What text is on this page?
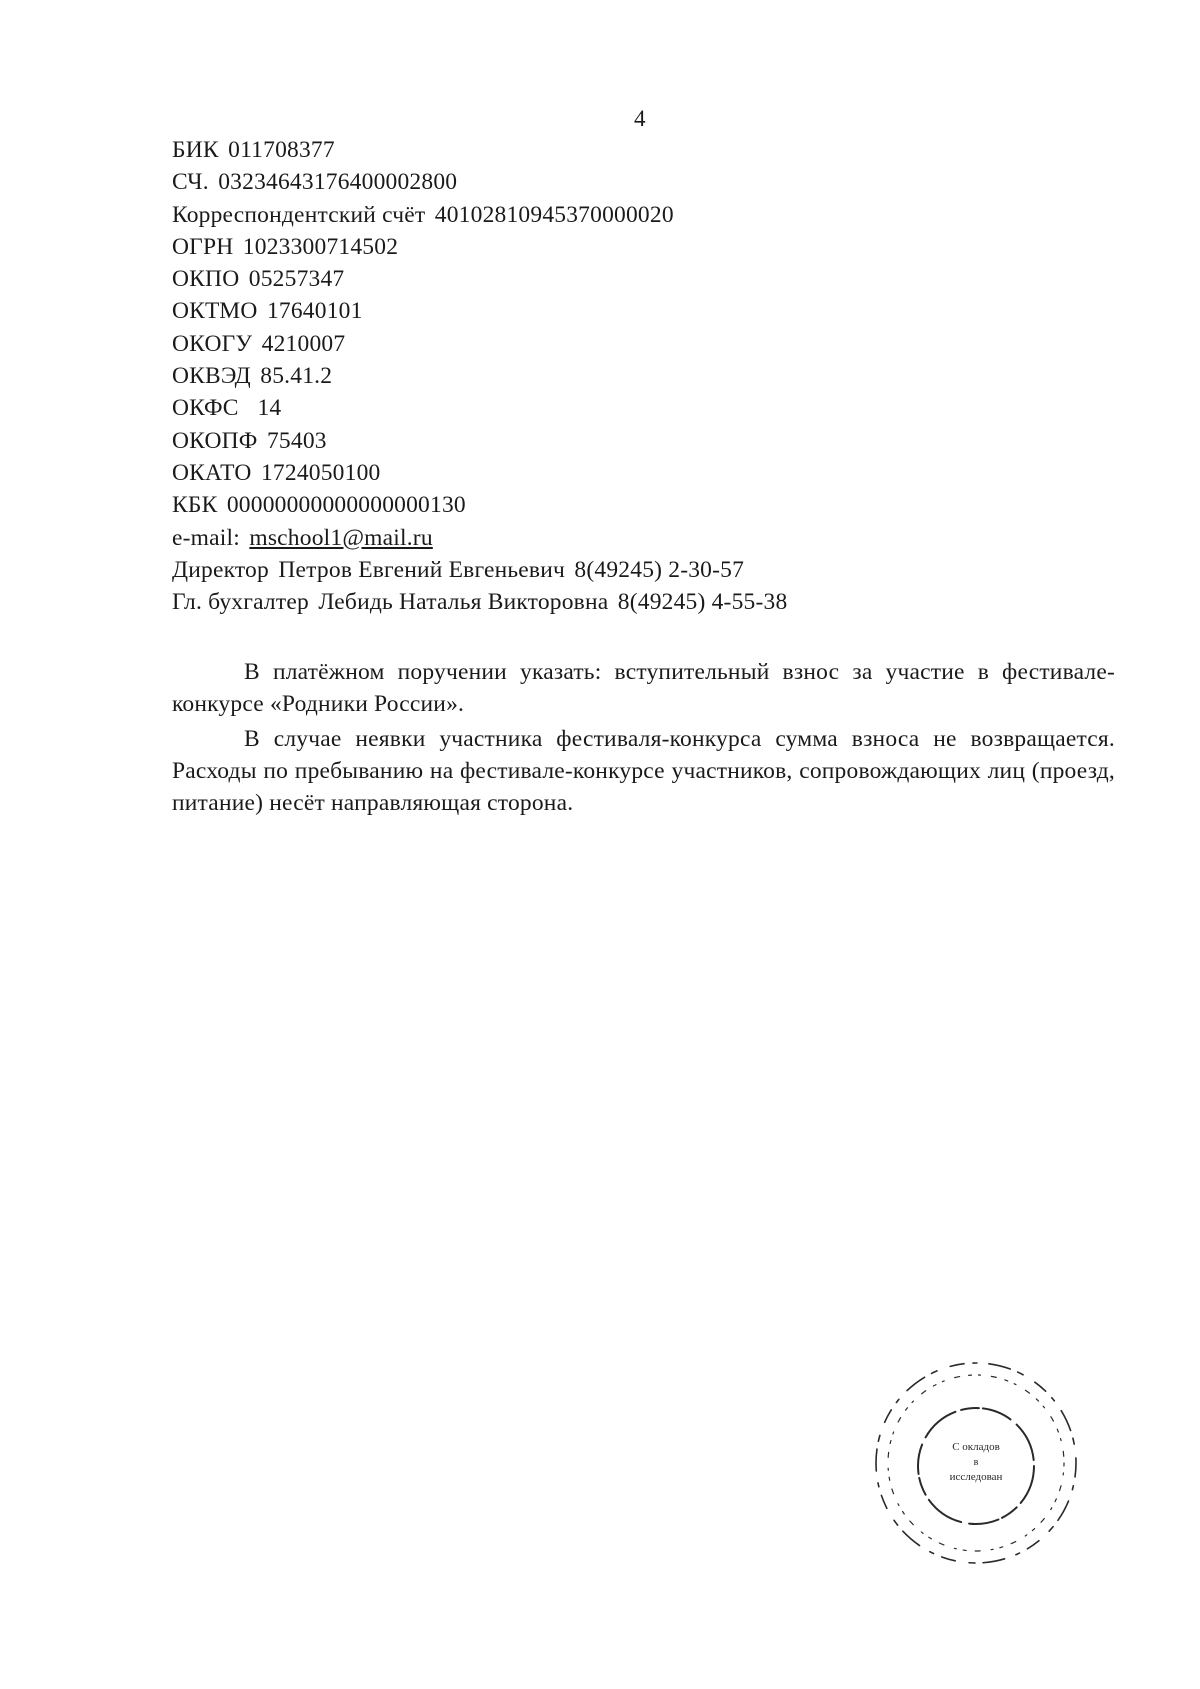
4
БИК 011708377
СЧ. 03234643176400002800
Корреспондентский счёт 40102810945370000020
ОГРН 1023300714502
ОКПО 05257347
ОКТМО 17640101
ОКОГУ 4210007
ОКВЭД 85.41.2
ОКФС 14
ОКОПФ 75403
ОКАТО 1724050100
КБК 00000000000000000130
e-mail: mschool1@mail.ru
Директор Петров Евгений Евгеньевич 8(49245) 2-30-57
Гл. бухгалтер Лебидь Наталья Викторовна 8(49245) 4-55-38

В платёжном поручении указать: вступительный взнос за участие в фестивале-конкурсе «Родники России».

В случае неявки участника фестиваля-конкурса сумма взноса не возвращается. Расходы по пребыванию на фестивале-конкурсе участников, сопровождающих лиц (проезд, питание) несёт направляющая сторона.

С окладов
в
исследован
